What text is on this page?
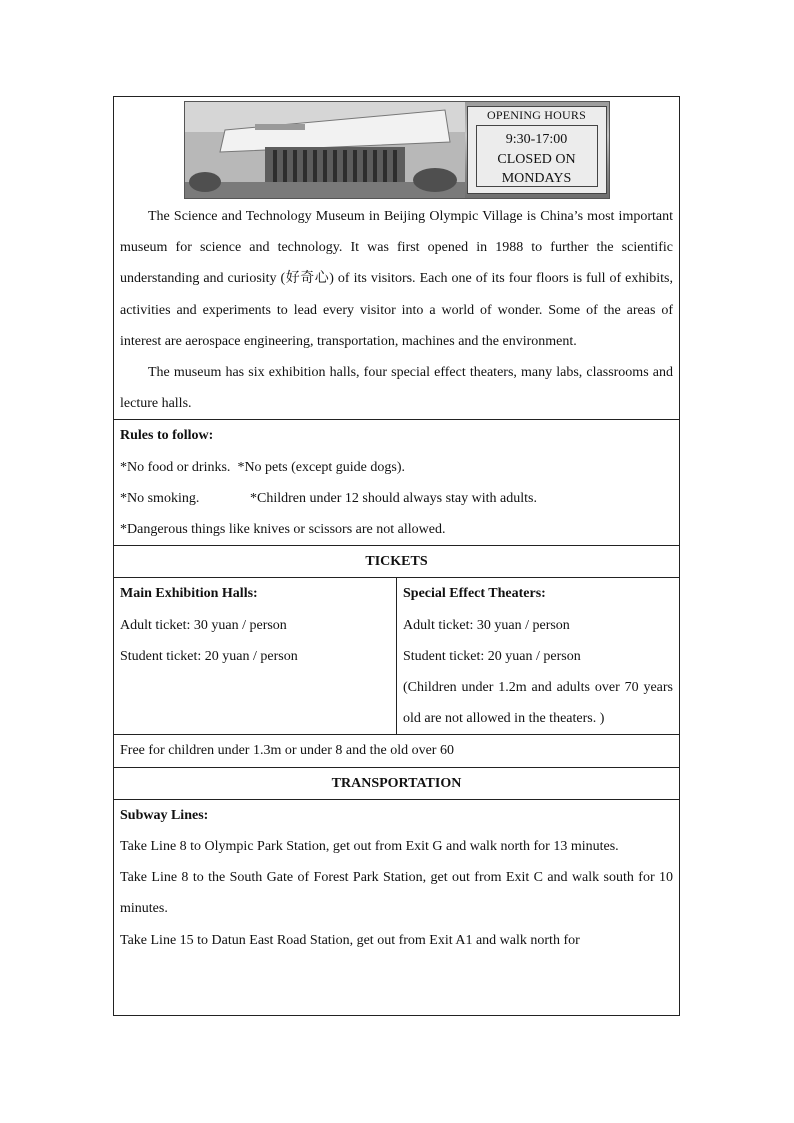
OPENING HOURS
9:30-17:00
CLOSED ON
MONDAYS

The Science and Technology Museum in Beijing Olympic Village is China’s most important museum for science and technology. It was first opened in 1988 to further the scientific understanding and curiosity (好奇心) of its visitors. Each one of its four floors is full of exhibits, activities and experiments to lead every visitor into a world of wonder. Some of the areas of interest are aerospace engineering, transportation, machines and the environment.

The museum has six exhibition halls, four special effect theaters, many labs, classrooms and lecture halls.

Rules to follow:

*No food or drinks. *No pets (except guide dogs).

*No smoking.	*Children under 12 should always stay with adults.

*Dangerous things like knives or scissors are not allowed.

TICKETS

Main Exhibition Halls:

Adult ticket: 30 yuan / person

Student ticket: 20 yuan / person

Special Effect Theaters:

Adult ticket: 30 yuan / person

Student ticket: 20 yuan / person

(Children under 1.2m and adults over 70 years old are not allowed in the theaters. )

Free for children under 1.3m or under 8 and the old over 60

TRANSPORTATION

Subway Lines:

Take Line 8 to Olympic Park Station, get out from Exit G and walk north for 13 minutes.

Take Line 8 to the South Gate of Forest Park Station, get out from Exit C and walk south for 10 minutes.

Take Line 15 to Datun East Road Station, get out from Exit A1 and walk north for
